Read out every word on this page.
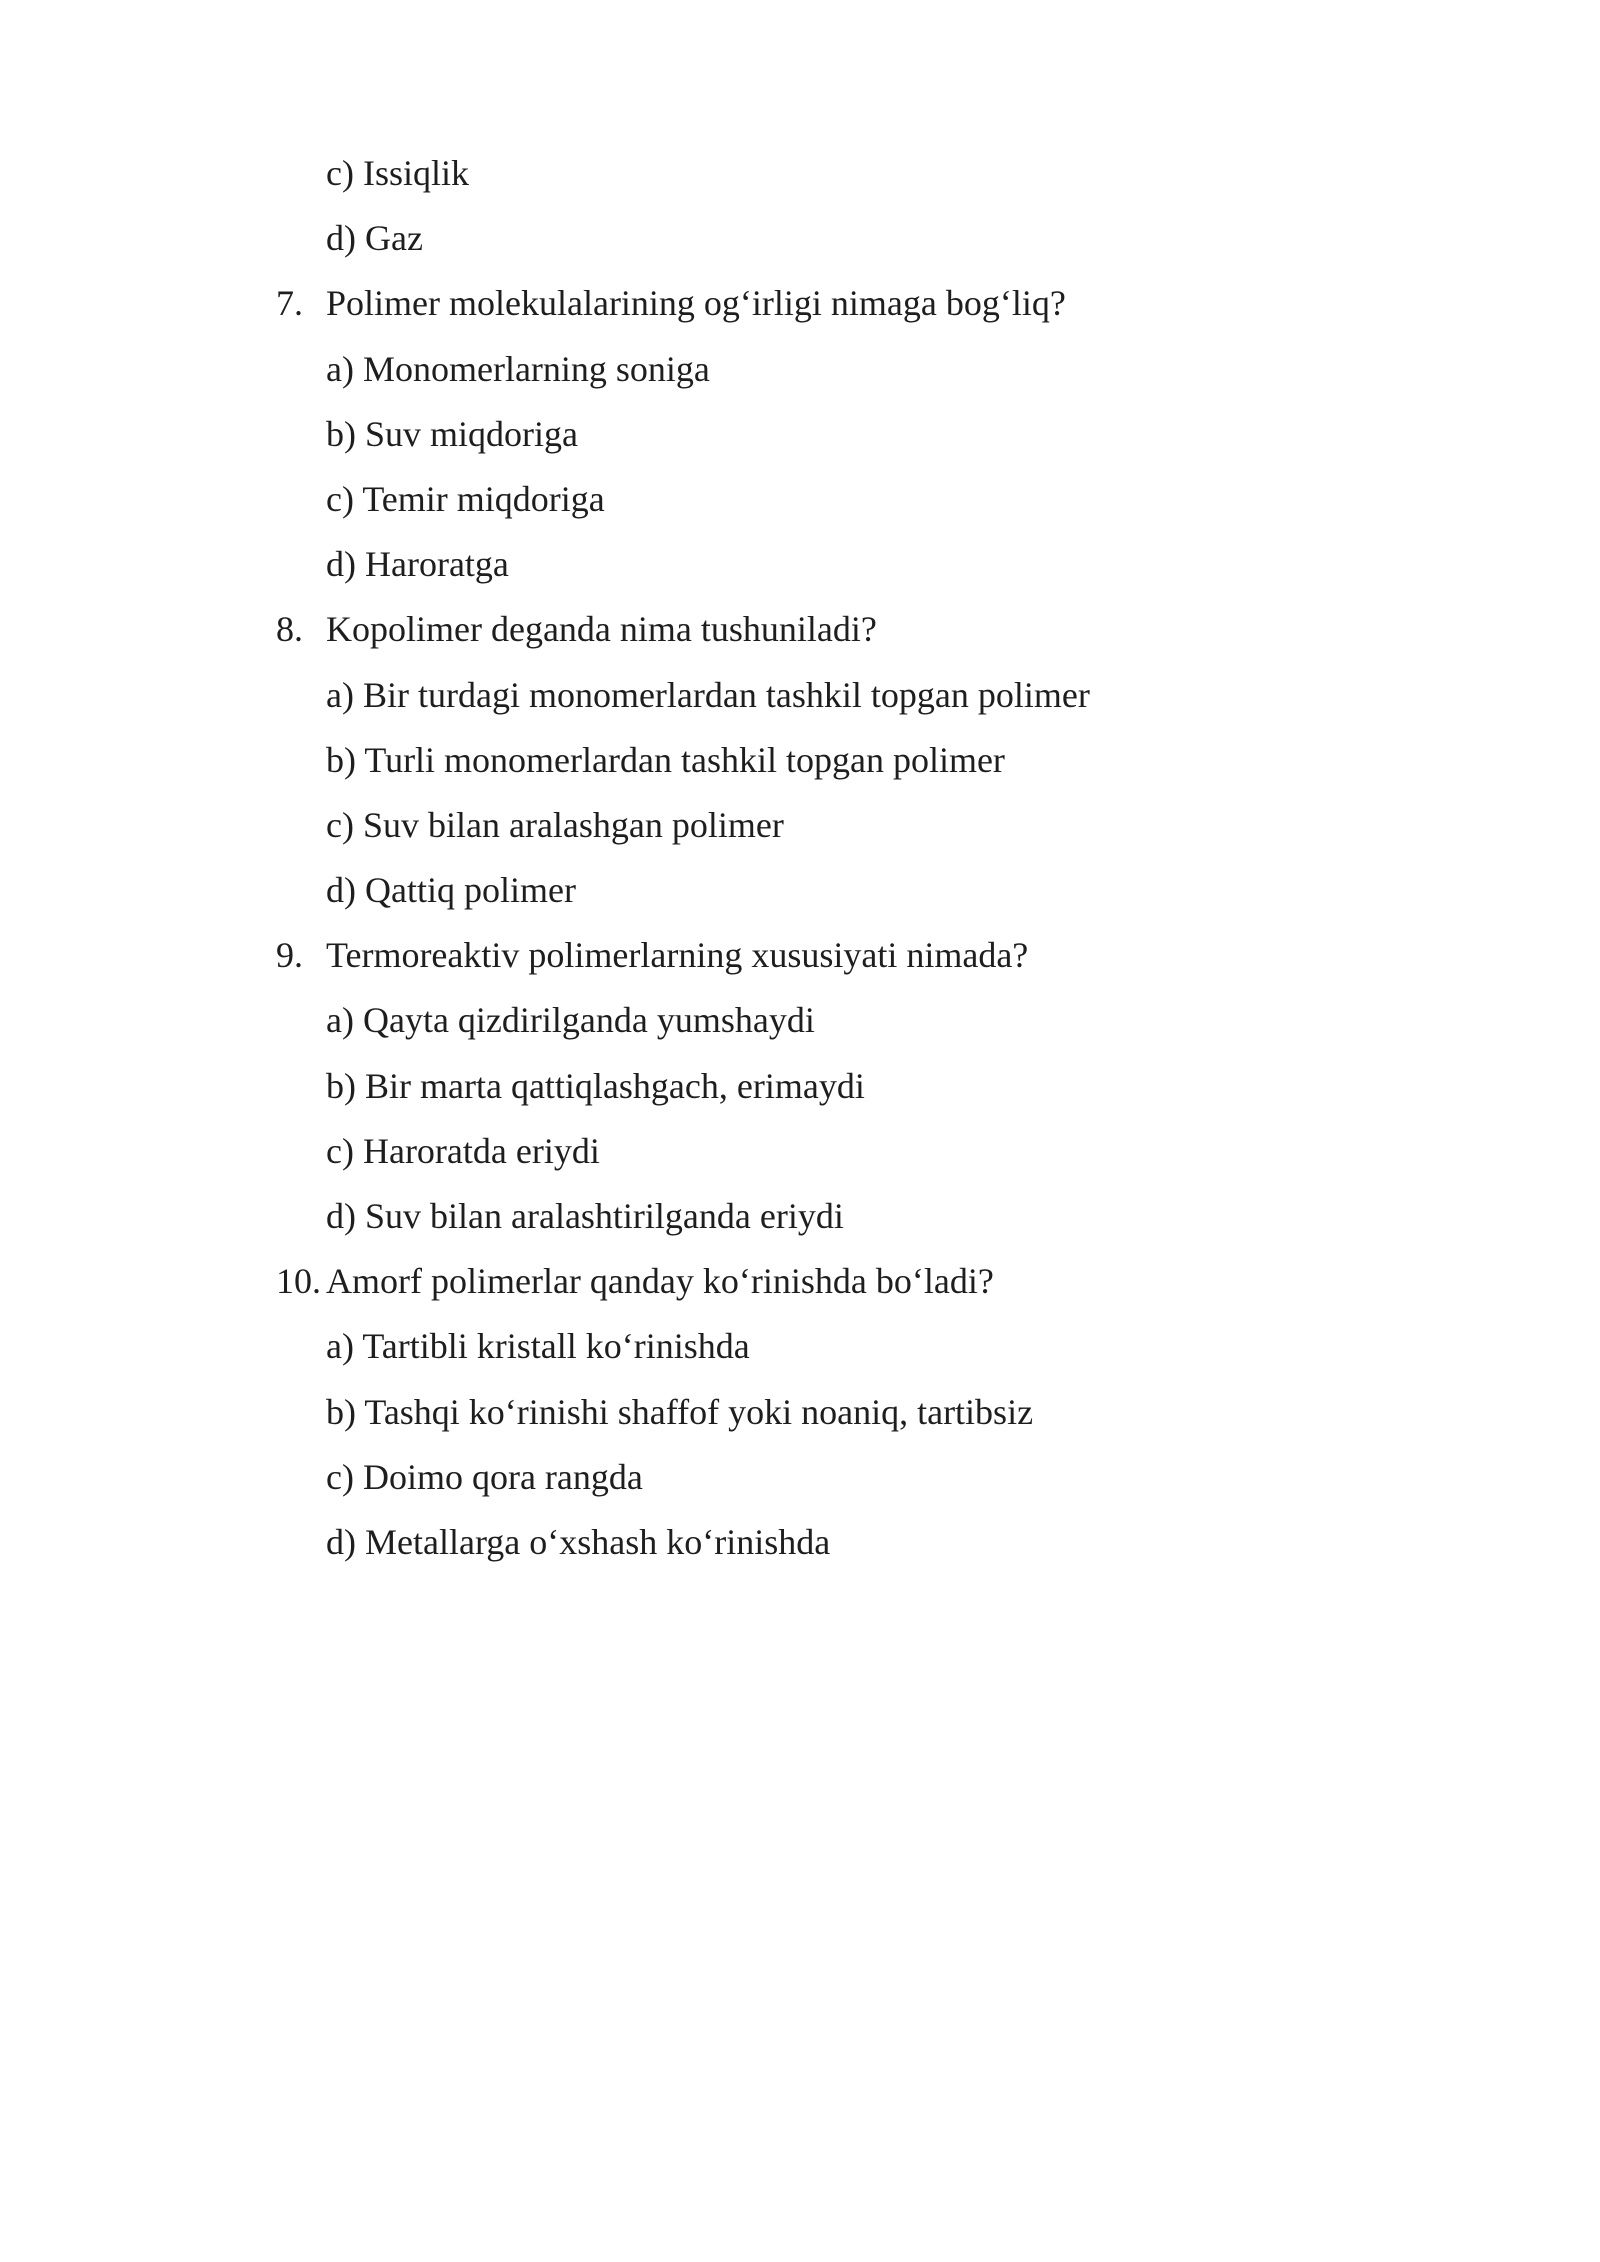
c) Issiqlik
d) Gaz
7. Polimer molekulalarining og‘irligi nimaga bog‘liq?
a) Monomerlarning soniga
b) Suv miqdoriga
c) Temir miqdoriga
d) Haroratga
8. Kopolimer deganda nima tushuniladi?
a) Bir turdagi monomerlardan tashkil topgan polimer
b) Turli monomerlardan tashkil topgan polimer
c) Suv bilan aralashgan polimer
d) Qattiq polimer
9. Termoreaktiv polimerlarning xususiyati nimada?
a) Qayta qizdirilganda yumshaydi
b) Bir marta qattiqlashgach, erimaydi
c) Haroratda eriydi
d) Suv bilan aralashtirilganda eriydi
10. Amorf polimerlar qanday ko‘rinishda bo‘ladi?
a) Tartibli kristall ko‘rinishda
b) Tashqi ko‘rinishi shaffof yoki noaniq, tartibsiz
c) Doimo qora rangda
d) Metallarga o‘xshash ko‘rinishda
